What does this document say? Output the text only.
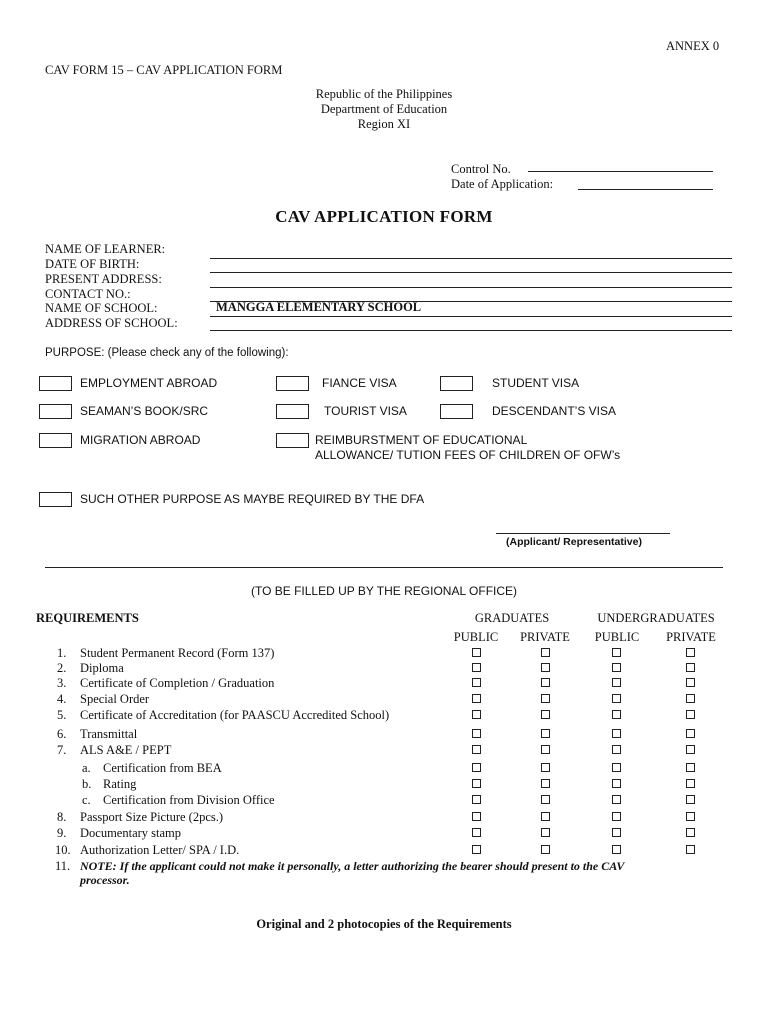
ANNEX 0
CAV FORM 15 – CAV APPLICATION FORM
Republic of the Philippines
Department of Education
Region XI
Control No.
Date of Application:
CAV APPLICATION FORM
NAME OF LEARNER:
DATE OF BIRTH:
PRESENT ADDRESS:
CONTACT NO.:
NAME OF SCHOOL:	MANGGA ELEMENTARY SCHOOL
ADDRESS OF SCHOOL:
PURPOSE: (Please check any of the following):
EMPLOYMENT ABROAD	FIANCE VISA	STUDENT VISA
SEAMAN’S BOOK/SRC	TOURIST VISA	DESCENDANT’S VISA
MIGRATION ABROAD	REIMBURSTMENT OF EDUCATIONAL
ALLOWANCE/ TUTION FEES OF CHILDREN OF OFW’s
SUCH OTHER PURPOSE AS MAYBE REQUIRED BY THE DFA
(Applicant/ Representative)
(TO BE FILLED UP BY THE REGIONAL OFFICE)
REQUIREMENTS	GRADUATES	UNDERGRADUATES
PUBLIC	PRIVATE	PUBLIC	PRIVATE
1. Student Permanent Record (Form 137)
2. Diploma
3. Certificate of Completion / Graduation
4. Special Order
5. Certificate of Accreditation (for PAASCU Accredited School)
6. Transmittal
7. ALS A&E / PEPT
a. Certification from BEA
b. Rating
c. Certification from Division Office
8. Passport Size Picture (2pcs.)
9. Documentary stamp
10. Authorization Letter/ SPA / I.D.
11. NOTE: If the applicant could not make it personally, a letter authorizing the bearer should present to the CAV
processor.
Original and 2 photocopies of the Requirements
